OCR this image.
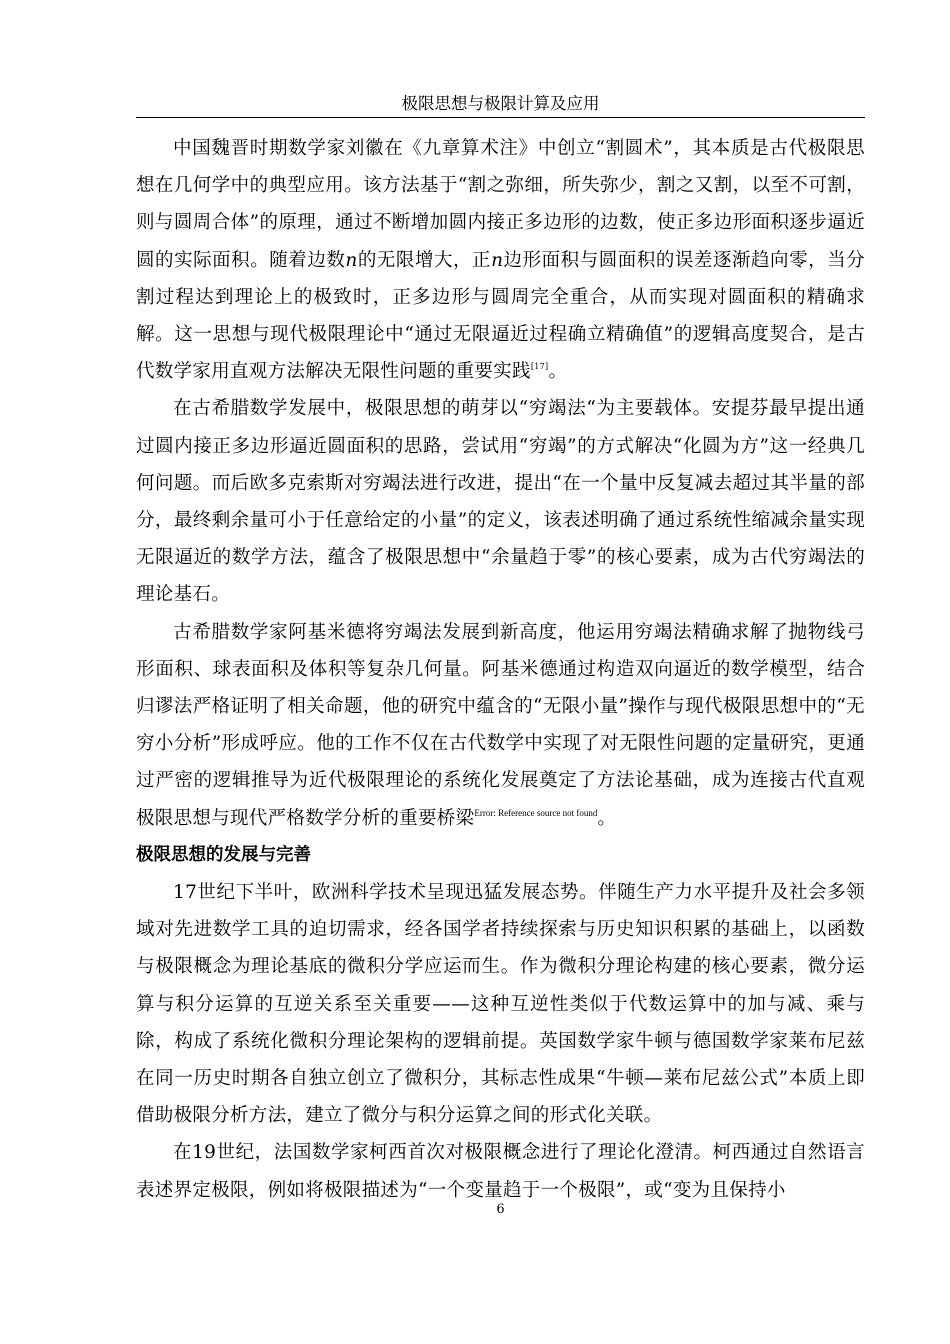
极限思想与极限计算及应用

中国魏晋时期数学家刘徽在《九章算术注》中创立“割圆术”，其本质是古代极限思想在几何学中的典型应用。该方法基于“割之弥细，所失弥少，割之又割，以至不可割，则与圆周合体”的原理，通过不断增加圆内接正多边形的边数，使正多边形面积逐步逼近圆的实际面积。随着边数n的无限增大，正n边形面积与圆面积的误差逐渐趋向零，当分割过程达到理论上的极致时，正多边形与圆周完全重合，从而实现对圆面积的精确求解。这一思想与现代极限理论中“通过无限逼近过程确立精确值”的逻辑高度契合，是古代数学家用直观方法解决无限性问题的重要实践[17]。

在古希腊数学发展中，极限思想的萌芽以“穷竭法“为主要载体。安提芬最早提出通过圆内接正多边形逼近圆面积的思路，尝试用“穷竭”的方式解决“化圆为方”这一经典几何问题。而后欧多克索斯对穷竭法进行改进，提出“在一个量中反复减去超过其半量的部分，最终剩余量可小于任意给定的小量”的定义，该表述明确了通过系统性缩减余量实现无限逼近的数学方法，蕴含了极限思想中“余量趋于零”的核心要素，成为古代穷竭法的理论基石。

古希腊数学家阿基米德将穷竭法发展到新高度，他运用穷竭法精确求解了抛物线弓形面积、球表面积及体积等复杂几何量。阿基米德通过构造双向逼近的数学模型，结合归谬法严格证明了相关命题，他的研究中蕴含的“无限小量”操作与现代极限思想中的“无穷小分析”形成呼应。他的工作不仅在古代数学中实现了对无限性问题的定量研究，更通过严密的逻辑推导为近代极限理论的系统化发展奠定了方法论基础，成为连接古代直观极限思想与现代严格数学分析的重要桥梁$^{Error: Reference source not found}$。

极限思想的发展与完善

17世纪下半叶，欧洲科学技术呈现迅猛发展态势。伴随生产力水平提升及社会多领域对先进数学工具的迫切需求，经各国学者持续探索与历史知识积累的基础上，以函数与极限概念为理论基底的微积分学应运而生。作为微积分理论构建的核心要素，微分运算与积分运算的互逆关系至关重要——这种互逆性类似于代数运算中的加与减、乘与除，构成了系统化微积分理论架构的逻辑前提。英国数学家牛顿与德国数学家莱布尼兹在同一历史时期各自独立创立了微积分，其标志性成果“牛顿—莱布尼兹公式”本质上即借助极限分析方法，建立了微分与积分运算之间的形式化关联。

在19世纪，法国数学家柯西首次对极限概念进行了理论化澄清。柯西通过自然语言表述界定极限，例如将极限描述为“一个变量趋于一个极限”，或“变为且保持小

6
